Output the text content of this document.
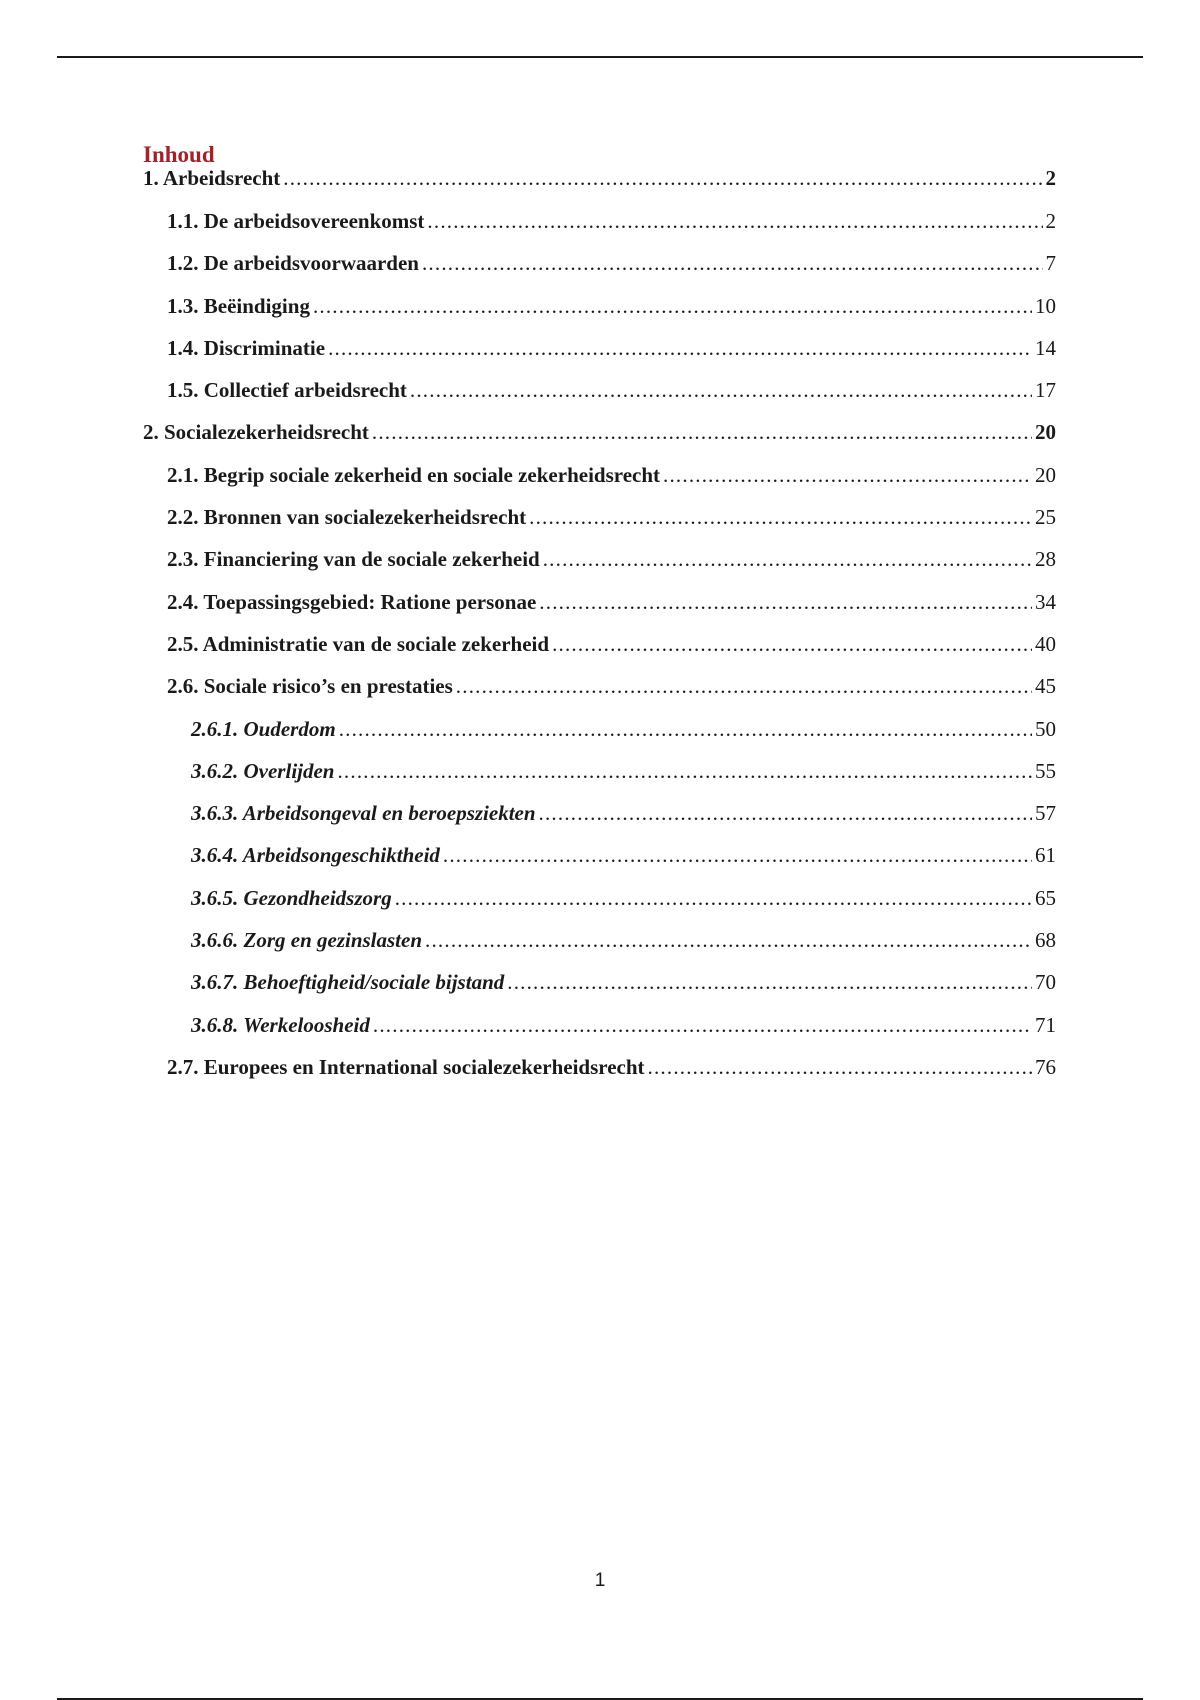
Inhoud
1. Arbeidsrecht .....	2
1.1. De arbeidsovereenkomst .....	2
1.2. De arbeidsvoorwaarden .....	7
1.3. Beëindiging .....	10
1.4. Discriminatie .....	14
1.5. Collectief arbeidsrecht .....	17
2. Socialezekerheidsrecht .....	20
2.1. Begrip sociale zekerheid en sociale zekerheidsrecht .....	20
2.2. Bronnen van socialezekerheidsrecht .....	25
2.3. Financiering van de sociale zekerheid .....	28
2.4. Toepassingsgebied: Ratione personae .....	34
2.5. Administratie van de sociale zekerheid .....	40
2.6. Sociale risico’s en prestaties .....	45
2.6.1. Ouderdom .....	50
3.6.2. Overlijden .....	55
3.6.3. Arbeidsongeval en beroepsziekten .....	57
3.6.4. Arbeidsongeschiktheid .....	61
3.6.5. Gezondheidszorg .....	65
3.6.6. Zorg en gezinslasten .....	68
3.6.7. Behoeftigheid/sociale bijstand .....	70
3.6.8. Werkeloosheid .....	71
2.7. Europees en International socialezekerheidsrecht .....	76
1
